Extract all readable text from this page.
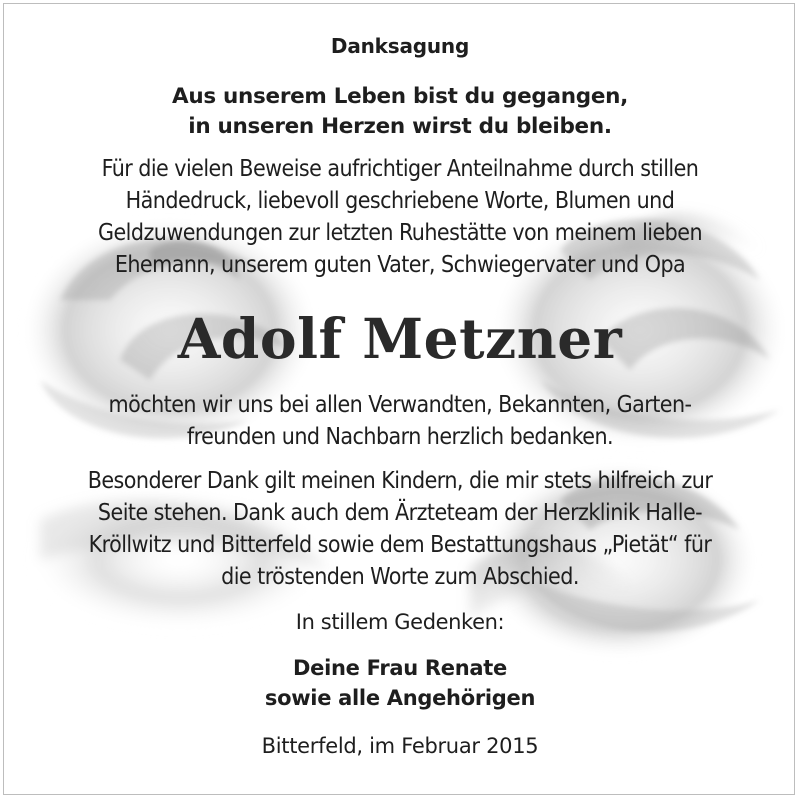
Danksagung
Aus unserem Leben bist du gegangen,
in unseren Herzen wirst du bleiben.
Für die vielen Beweise aufrichtiger Anteilnahme durch stillen
Händedruck, liebevoll geschriebene Worte, Blumen und
Geldzuwendungen zur letzten Ruhestätte von meinem lieben
Ehemann, unserem guten Vater, Schwiegervater und Opa
Adolf Metzner
möchten wir uns bei allen Verwandten, Bekannten, Garten-
freunden und Nachbarn herzlich bedanken.
Besonderer Dank gilt meinen Kindern, die mir stets hilfreich zur
Seite stehen. Dank auch dem Ärzteteam der Herzklinik Halle-
Kröllwitz und Bitterfeld sowie dem Bestattungshaus „Pietät“ für
die tröstenden Worte zum Abschied.
In stillem Gedenken:
Deine Frau Renate
sowie alle Angehörigen
Bitterfeld, im Februar 2015
